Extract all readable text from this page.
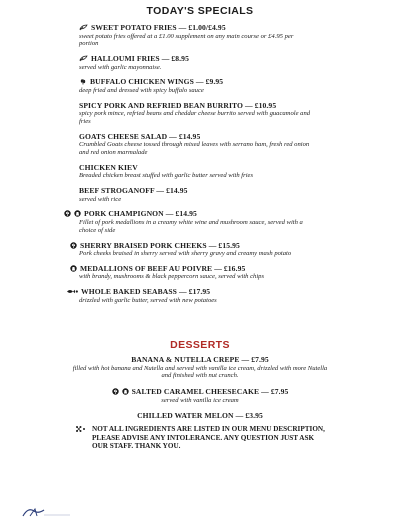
TODAY'S SPECIALS
SWEET POTATO FRIES — £1.00/£4.95

sweet potato fries offered at a £1.00 supplement on any main course or £4.95 per portion

HALLOUMI FRIES — £8.95

served with garlic mayonnaise.

BUFFALO CHICKEN WINGS — £9.95

deep fried and dressed with spicy buffalo sauce

SPICY PORK AND REFRIED BEAN BURRITO — £10.95

spicy pork mince, refried beans and cheddar cheese burrito served with guacamole and fries

GOATS CHEESE SALAD — £14.95

Crumbled Goats cheese tossed through mixed leaves with serrano ham, fresh red onion and red onion marmalade

CHICKEN KIEV

Breaded chicken breast stuffed with garlic butter served with fries

BEEF STROGANOFF — £14.95

served with rice

PORK CHAMPIGNON — £14.95

Fillet of pork medallions in a creamy white wine and mushroom sauce, served with a choice of side

SHERRY BRAISED PORK CHEEKS — £15.95

Pork cheeks braised in sherry served with sherry gravy and creamy mash potato

MEDALLIONS OF BEEF AU POIVRE — £16.95

with brandy, mushrooms & black peppercorn sauce, served with chips

WHOLE BAKED SEABASS — £17.95

drizzled with garlic butter, served with new potatoes

DESSERTS
BANANA & NUTELLA CREPE — £7.95

filled with hot banana and Nutella and served with vanilla ice cream, drizzled with more Nutella and finished with nut crunch.

SALTED CARAMEL CHEESECAKE — £7.95

served with vanilla ice cream

CHILLED WATER MELON — £3.95

NOT ALL INGREDIENTS ARE LISTED IN OUR MENU DESCRIPTION, PLEASE ADVISE ANY INTOLERANCE. ANY QUESTION JUST ASK OUR STAFF. THANK YOU.
